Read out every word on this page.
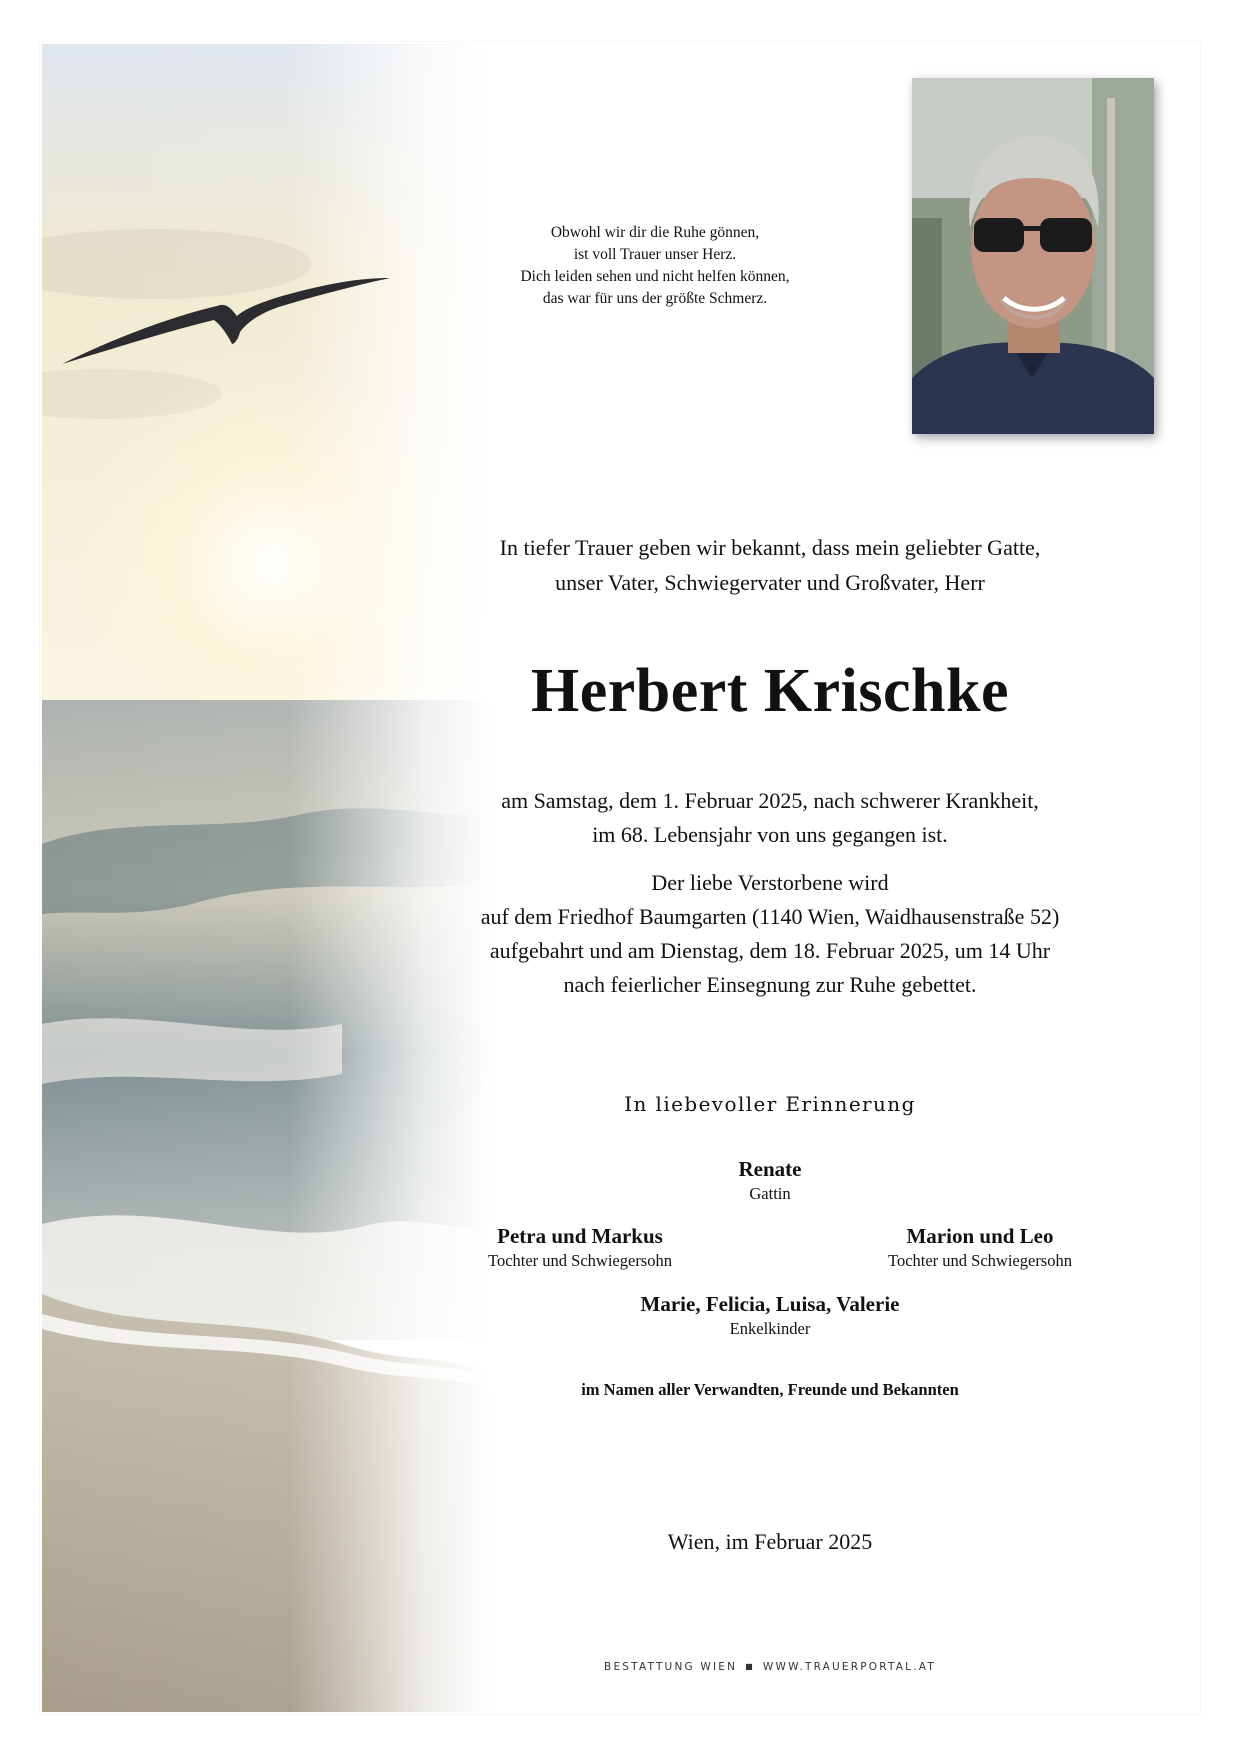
Obwohl wir dir die Ruhe gönnen,
ist voll Trauer unser Herz.
Dich leiden sehen und nicht helfen können,
das war für uns der größte Schmerz.
In tiefer Trauer geben wir bekannt, dass mein geliebter Gatte,
unser Vater, Schwiegervater und Großvater, Herr
Herbert Krischke
am Samstag, dem 1. Februar 2025, nach schwerer Krankheit,
im 68. Lebensjahr von uns gegangen ist.
Der liebe Verstorbene wird
auf dem Friedhof Baumgarten (1140 Wien, Waidhausenstraße 52)
aufgebahrt und am Dienstag, dem 18. Februar 2025, um 14 Uhr
nach feierlicher Einsegnung zur Ruhe gebettet.
In liebevoller Erinnerung
Renate
Gattin
Petra und Markus
Tochter und Schwiegersohn
Marion und Leo
Tochter und Schwiegersohn
Marie, Felicia, Luisa, Valerie
Enkelkinder
im Namen aller Verwandten, Freunde und Bekannten
Wien, im Februar 2025
BESTATTUNG WIEN ■ WWW.TRAUERPORTAL.AT
